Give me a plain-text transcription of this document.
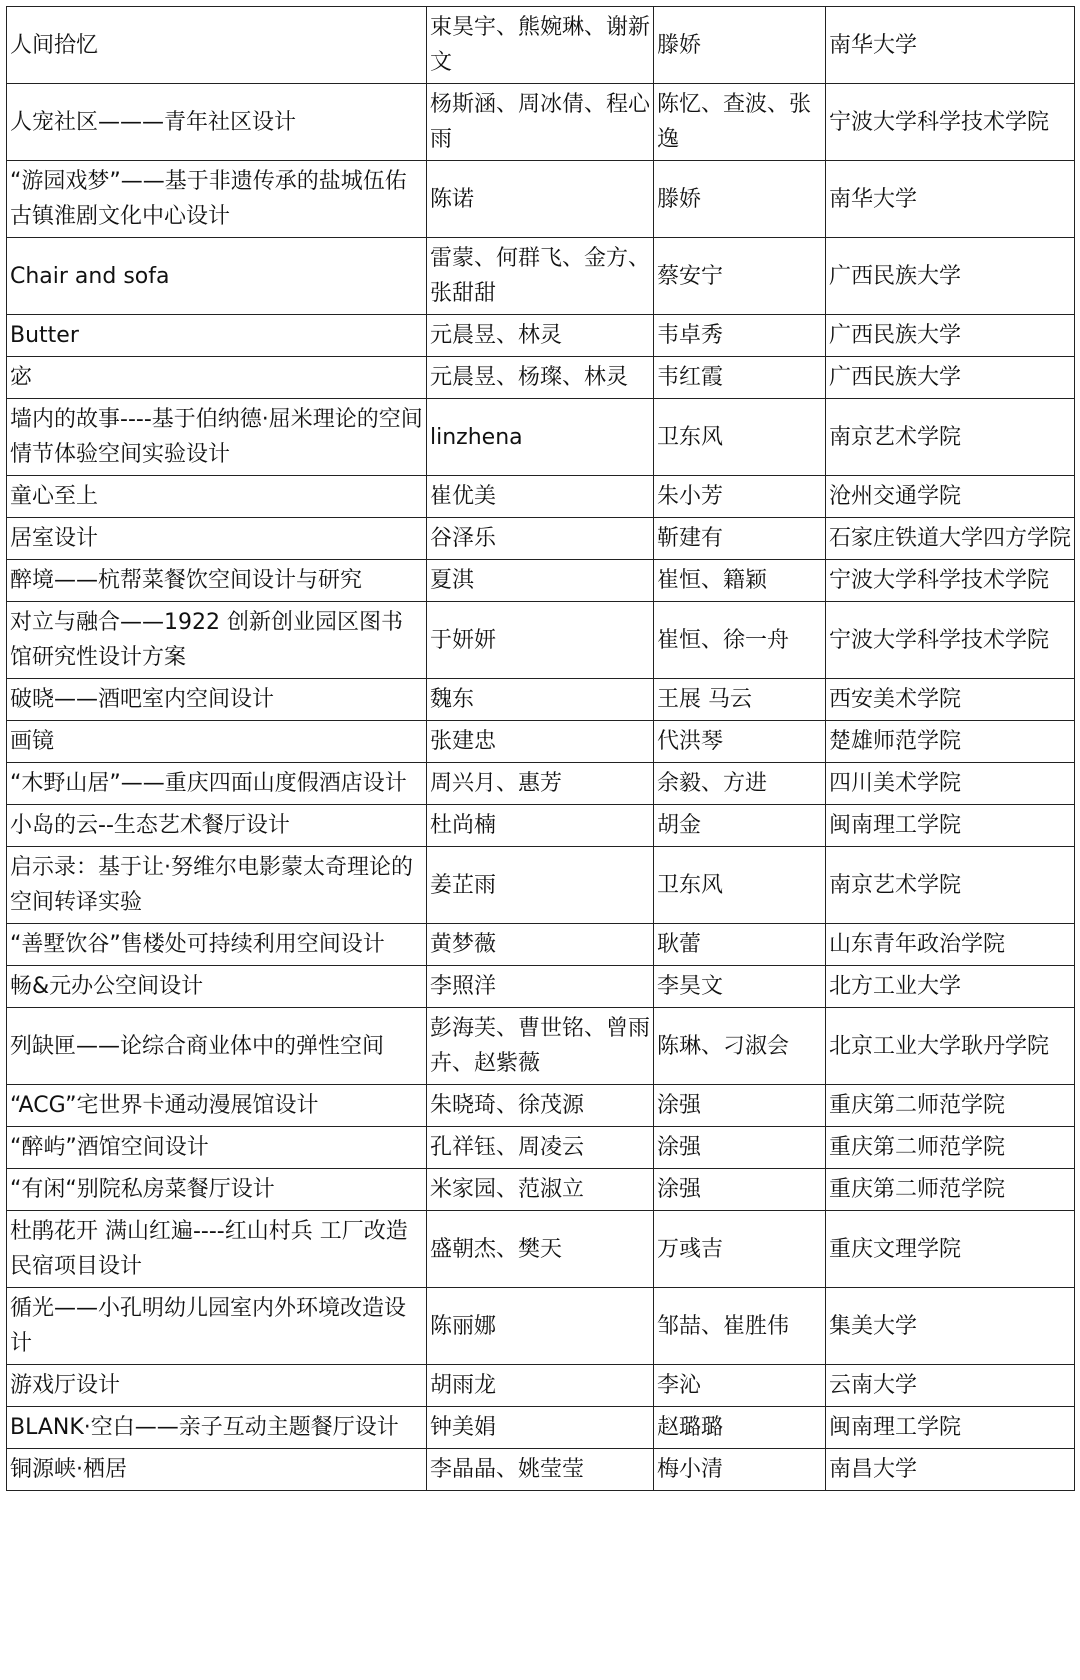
人间拾忆	束昊宇、熊婉琳、谢新文	滕娇	南华大学

人宠社区———青年社区设计	杨斯涵、周冰倩、程心雨	陈忆、查波、张逸	宁波大学科学技术学院

“游园戏梦”——基于非遗传承的盐城伍佑古镇淮剧文化中心设计	陈诺	滕娇	南华大学

Chair and sofa	雷蒙、何群飞、金方、张甜甜	蔡安宁	广西民族大学

Butter	元晨昱、林灵	韦卓秀	广西民族大学

宓	元晨昱、杨璨、林灵	韦红霞	广西民族大学

墙内的故事----基于伯纳德·屈米理论的空间情节体验空间实验设计	linzhena	卫东风	南京艺术学院

童心至上	崔优美	朱小芳	沧州交通学院

居室设计	谷泽乐	靳建有	石家庄铁道大学四方学院

醉境——杭帮菜餐饮空间设计与研究	夏淇	崔恒、籍颖	宁波大学科学技术学院

对立与融合——1922 创新创业园区图书馆研究性设计方案	于妍妍	崔恒、徐一舟	宁波大学科学技术学院

破晓——酒吧室内空间设计	魏东	王展 马云	西安美术学院

画镜	张建忠	代洪琴	楚雄师范学院

“木野山居”——重庆四面山度假酒店设计	周兴月、惠芳	余毅、方进	四川美术学院

小岛的云--生态艺术餐厅设计	杜尚楠	胡金	闽南理工学院

启示录：基于让·努维尔电影蒙太奇理论的空间转译实验	姜芷雨	卫东风	南京艺术学院

“善墅饮谷”售楼处可持续利用空间设计	黄梦薇	耿蕾	山东青年政治学院

畅&元办公空间设计	李照洋	李昊文	北方工业大学

列缺匣——论综合商业体中的弹性空间	彭海芙、曹世铭、曾雨卉、赵紫薇	陈琳、刁淑会	北京工业大学耿丹学院

“ACG”宅世界卡通动漫展馆设计	朱晓琦、徐茂源	涂强	重庆第二师范学院

“醉屿”酒馆空间设计	孔祥钰、周凌云	涂强	重庆第二师范学院

“有闲“别院私房菜餐厅设计	米家园、范淑立	涂强	重庆第二师范学院

杜鹃花开 满山红遍----红山村兵 工厂改造民宿项目设计	盛朝杰、樊天	万彧吉	重庆文理学院

循光——小孔明幼儿园室内外环境改造设计	陈丽娜	邹喆、崔胜伟	集美大学

游戏厅设计	胡雨龙	李沁	云南大学

BLANK·空白——亲子互动主题餐厅设计	钟美娟	赵璐璐	闽南理工学院

铜源峡·栖居	李晶晶、姚莹莹	梅小清	南昌大学
